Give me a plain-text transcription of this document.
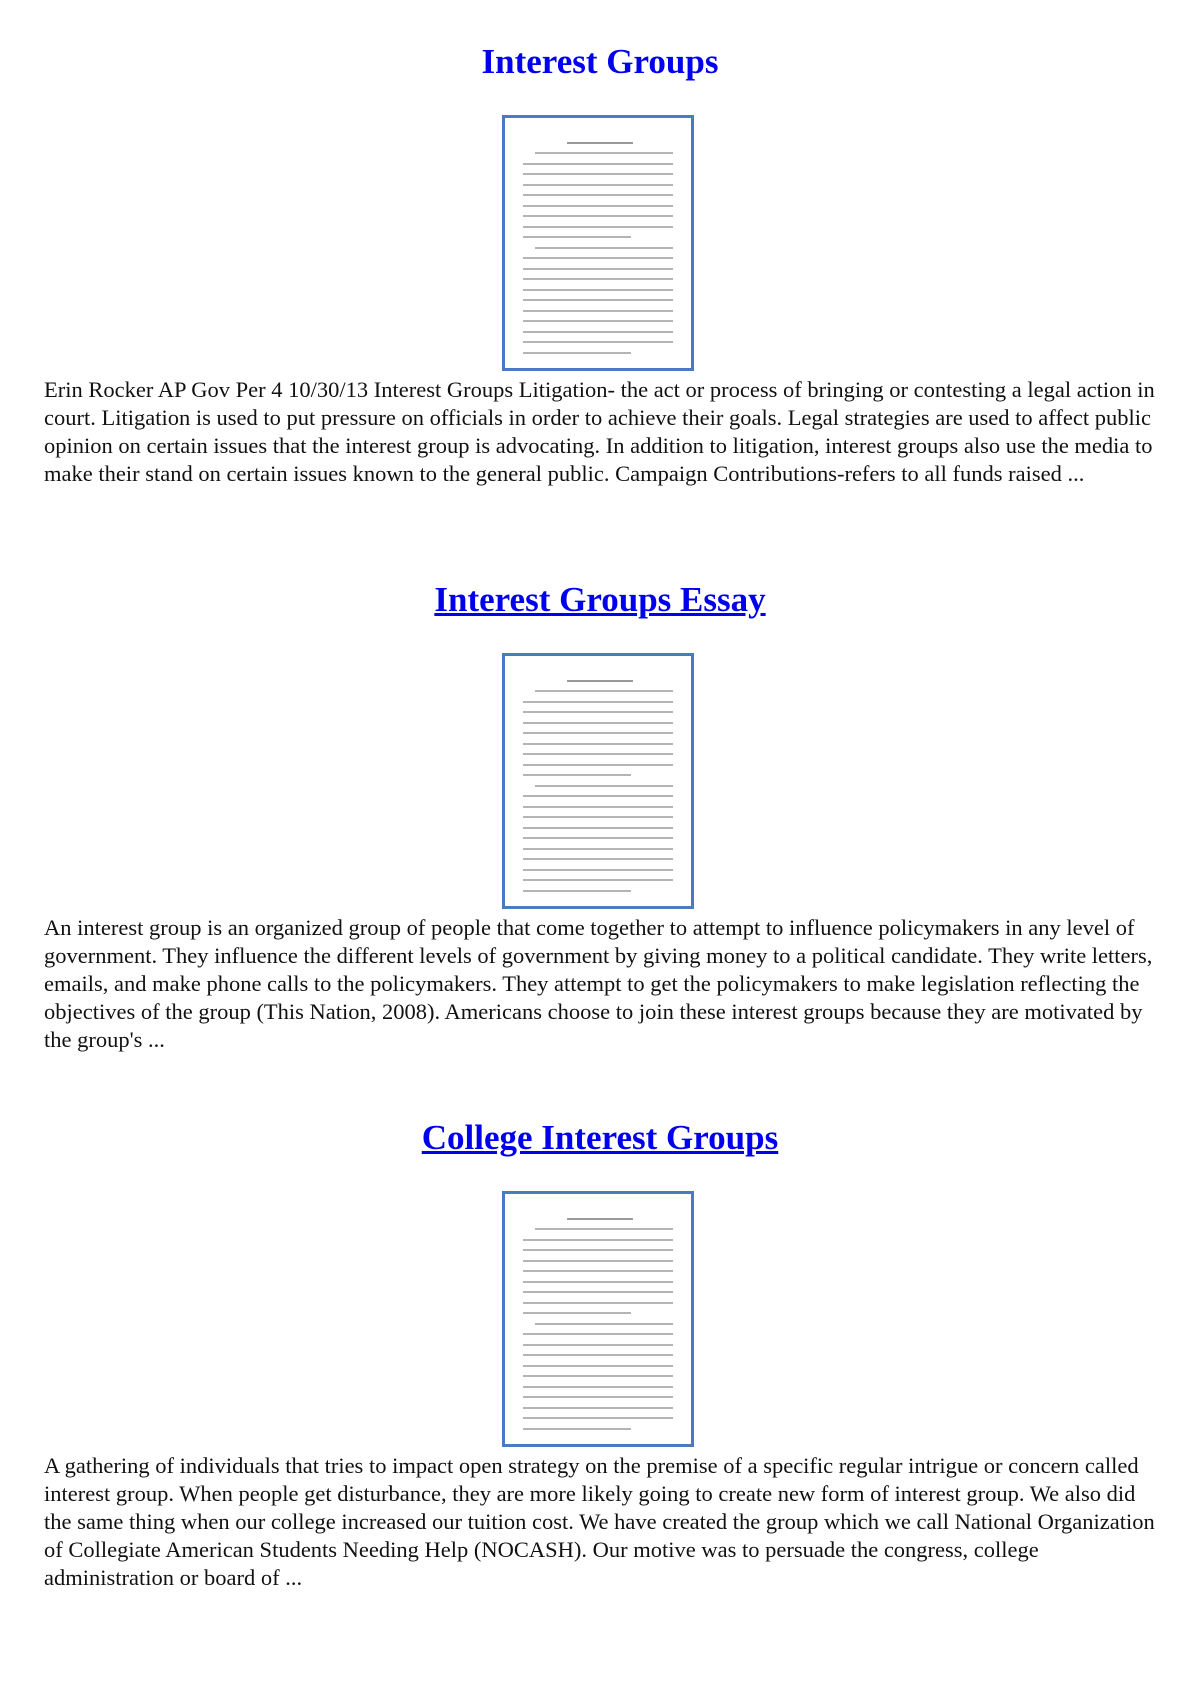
Interest Groups

Erin Rocker AP Gov Per 4 10/30/13 Interest Groups Litigation- the act or process of bringing or contesting a legal action in court. Litigation is used to put pressure on officials in order to achieve their goals. Legal strategies are used to affect public opinion on certain issues that the interest group is advocating. In addition to litigation, interest groups also use the media to make their stand on certain issues known to the general public. Campaign Contributions-refers to all funds raised ...

Interest Groups Essay

An interest group is an organized group of people that come together to attempt to influence policymakers in any level of government. They influence the different levels of government by giving money to a political candidate. They write letters, emails, and make phone calls to the policymakers. They attempt to get the policymakers to make legislation reflecting the objectives of the group (This Nation, 2008). Americans choose to join these interest groups because they are motivated by the group's ...

College Interest Groups

A gathering of individuals that tries to impact open strategy on the premise of a specific regular intrigue or concern called interest group. When people get disturbance, they are more likely going to create new form of interest group. We also did the same thing when our college increased our tuition cost. We have created the group which we call National Organization of Collegiate American Students Needing Help (NOCASH). Our motive was to persuade the congress, college administration or board of ...
